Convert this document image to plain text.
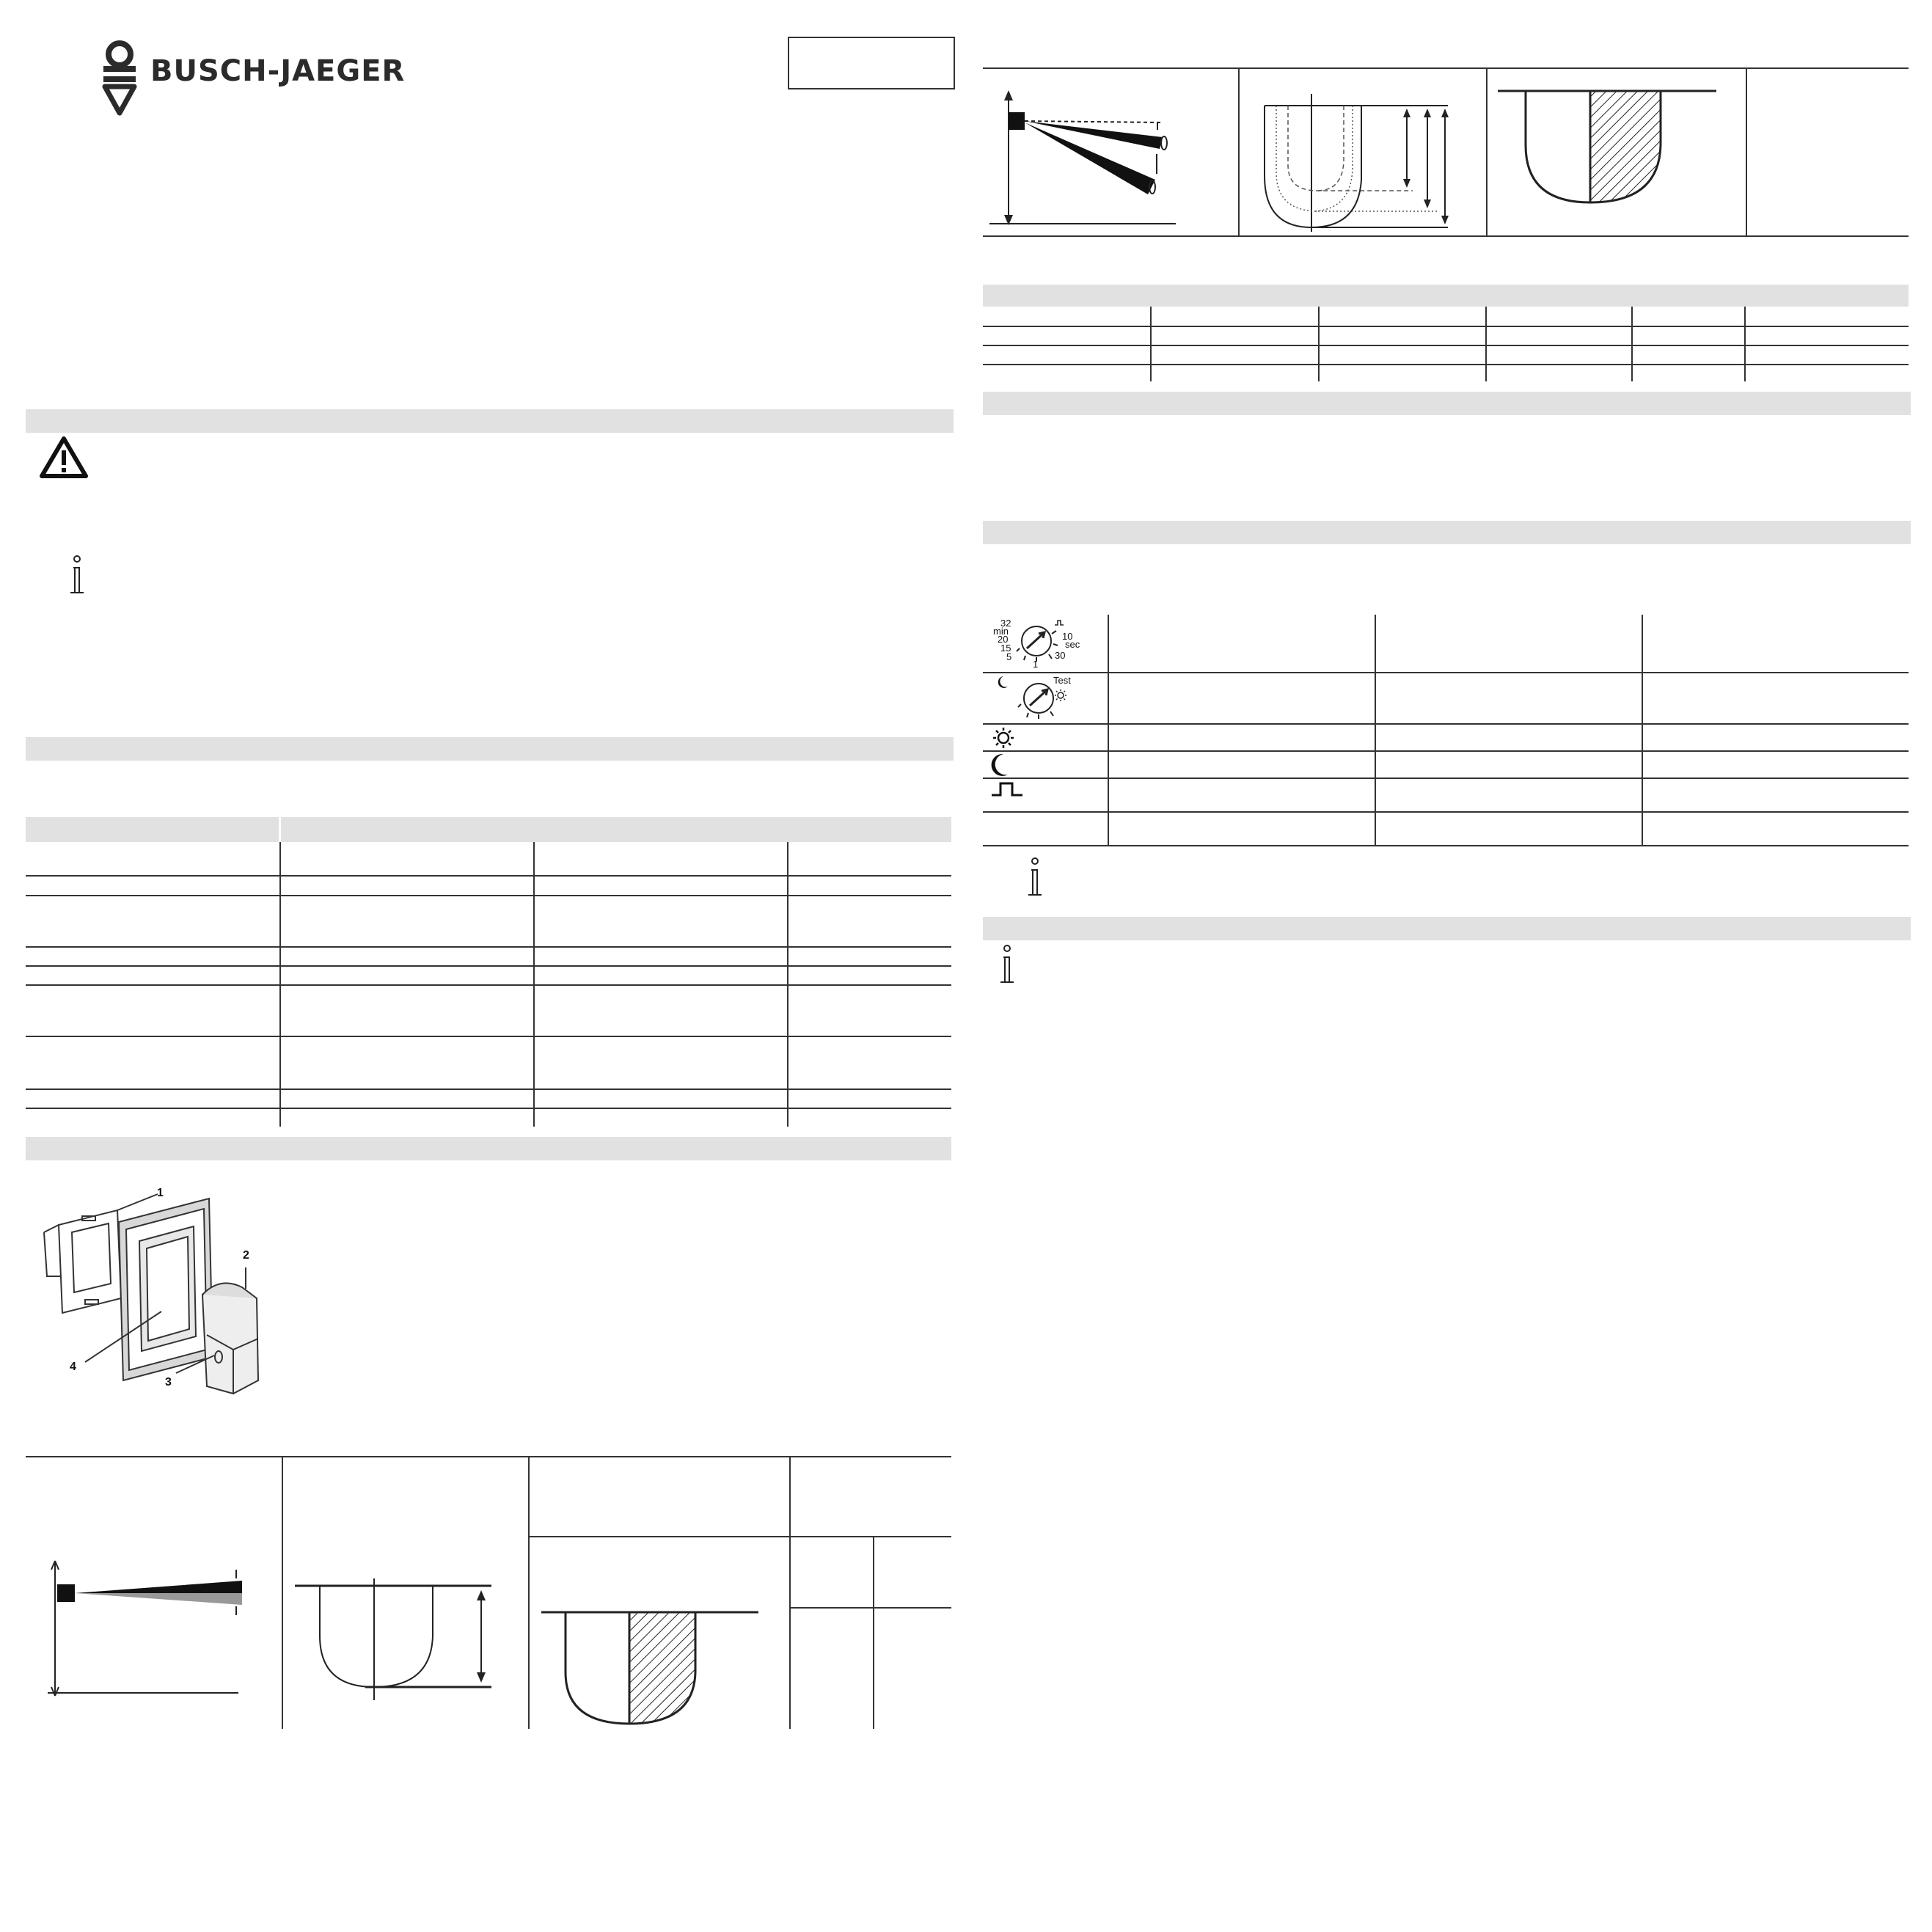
BUSCH-JAEGER
1
2
3
4
32
min
20
15
5
1
30
10
sec
Test
